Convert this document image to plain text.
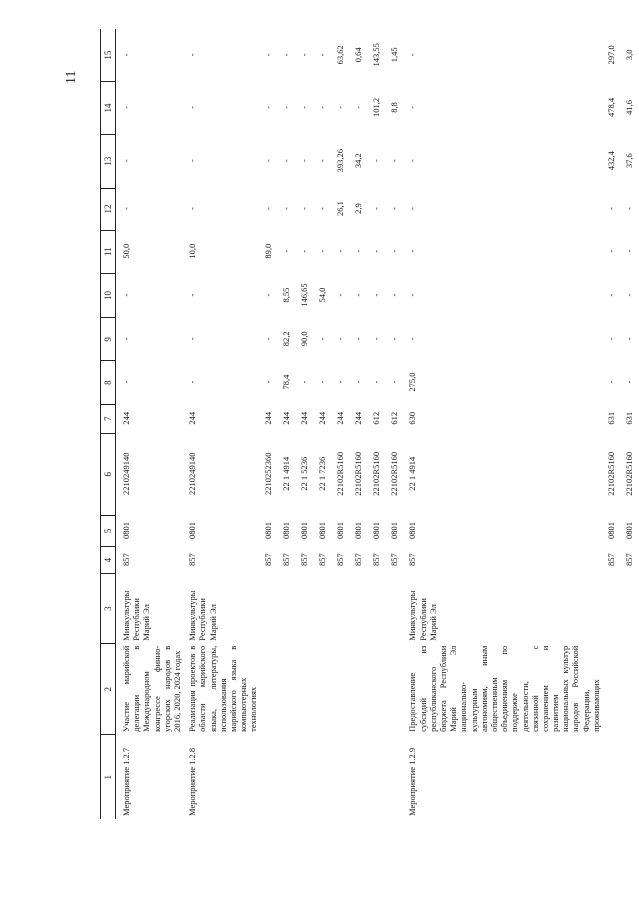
11
1	2	3	4	5	6	7	8	9	10	11	12	13	14	15
Мероприятие 1.2.7	Участие марийской делегации в Международном конгрессе финно-угорских народов в 2016, 2020, 2024 годах	Минкультуры Республики Марий Эл	857	0801	2210249140	244	-	-	-	50,0	-	-	-	-
Мероприятие 1.2.8	Реализация проектов в области марийского языка, литературы, использования марийского языка в компьютерных технологиях	Минкультуры Республики Марий Эл	857	0801	2210249140	244	-	-	-	10,0	-	-	-	-
			857	0801	2210252360	244	-	-	-	89,0	-	-	-	-
			857	0801	22 1 4914	244	78,4	82,2	8,55	-	-	-	-	-
			857	0801	22 1 5236	244	-	90,0	146,65	-	-	-	-	-
			857	0801	22 1 7236	244	-	-	54,0	-	-	-	-	-
			857	0801	22102R5160	244	-	-	-	-	26,1	393,26	-	63,62
			857	0801	22102R5160	244	-	-	-	-	2,9	34,2	-	0,64
			857	0801	22102R5160	612	-	-	-	-	-	-	101,2	143,55
			857	0801	22102R5160	612	-	-	-	-	-	-	8,8	1,45
Мероприятие 1.2.9	Предоставление субсидий из республиканского бюджета Республики Марий Эл национально-культурным автономиям, иным общественным объединениям по поддержке деятельности, связанной с сохранением и развитием национальных культур народов Российской Федерации, проживающих	Минкультуры Республики Марий Эл	857	0801	22 1 4914	630	275,0	-	-	-	-	-	-	-
			857	0801	22102R5160	631	-	-	-	-	-	432,4	478,4	297,0
			857	0801	22102R5160	631	-	-	-	-	-	37,6	41,6	3,0
